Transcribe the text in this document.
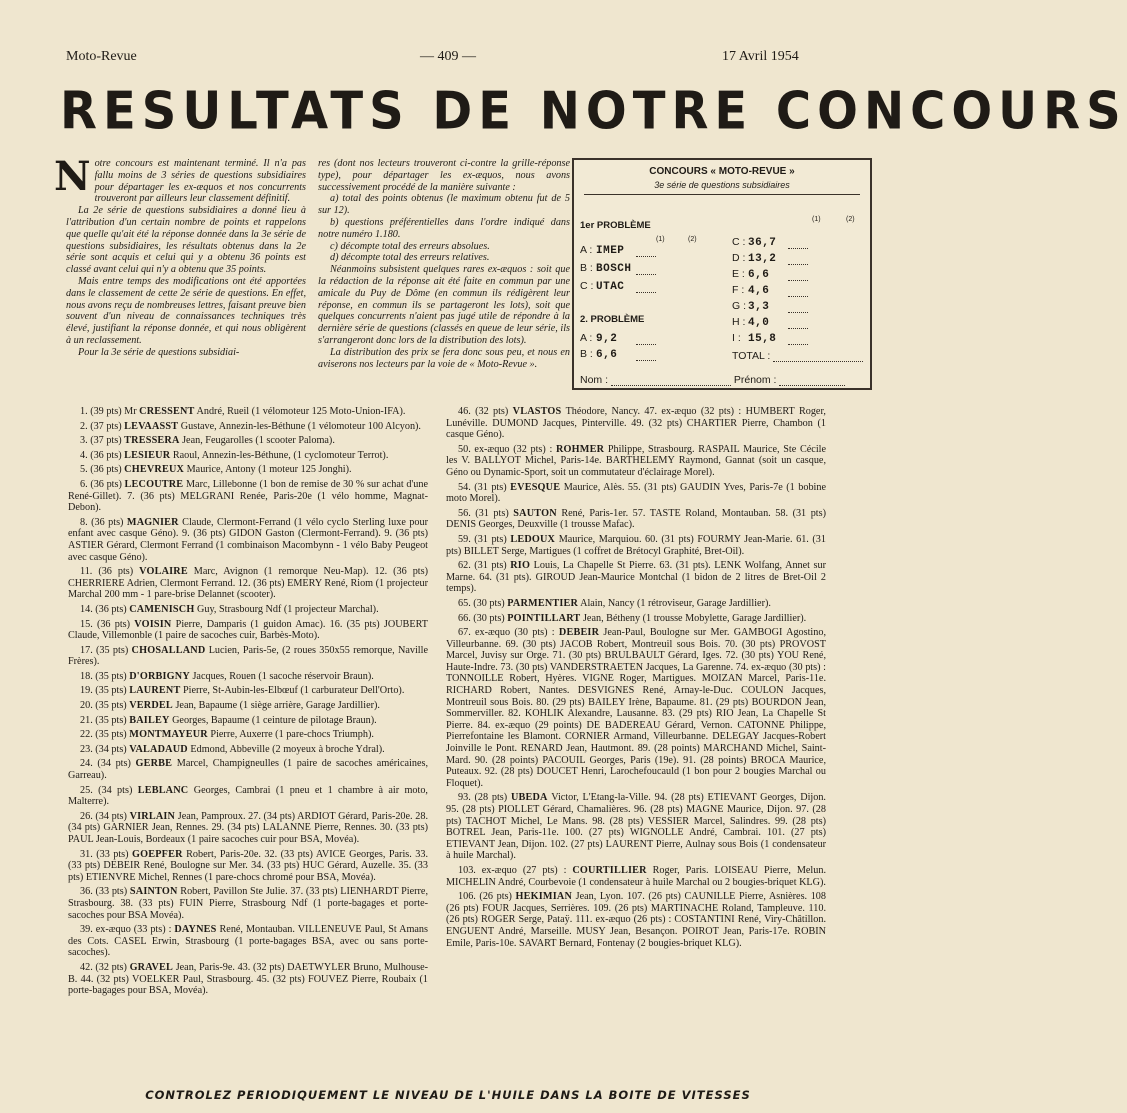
Moto-Revue	— 409 —	17 Avril 1954
RESULTATS DE NOTRE CONCOURS

Notre concours est maintenant terminé. Il n'a pas fallu moins de 3 séries de questions subsidiaires pour départager les ex-æquos et nos concurrents trouveront par ailleurs leur classement définitif.

La 2e série de questions subsidiaires a donné lieu à l'attribution d'un certain nombre de points et rappelons que quelle qu'ait été la réponse donnée dans la 3e série de questions subsidiaires, les résultats obtenus dans la 2e série sont acquis et celui qui y a obtenu 36 points est classé avant celui qui n'y a obtenu que 35 points.

Mais entre temps des modifications ont été apportées dans le classement de cette 2e série de questions. En effet, nous avons reçu de nombreuses lettres, faisant preuve bien souvent d'un niveau de connaissances techniques très élevé, justifiant la réponse donnée, et qui nous obligèrent à un reclassement.

Pour la 3e série de questions subsidiai-

res (dont nos lecteurs trouveront ci-contre la grille-réponse type), pour départager les ex-æquos, nous avons successivement procédé de la manière suivante :

a) total des points obtenus (le maximum obtenu fut de 5 sur 12).

b) questions préférentielles dans l'ordre indiqué dans notre numéro 1.180.

c) décompte total des erreurs absolues.

d) décompte total des erreurs relatives.

Néanmoins subsistent quelques rares ex-æquos : soit que la rédaction de la réponse ait été faite en commun par une amicale du Puy de Dôme (en commun ils rédigèrent leur réponse, en commun ils se partageront les lots), soit que quelques concurrents n'aient pas jugé utile de répondre à la dernière série de questions (classés en queue de leur série, ils s'arrangeront donc lors de la distribution des lots).

La distribution des prix se fera donc sous peu, et nous en aviserons nos lecteurs par la voie de « Moto-Revue ».

CONCOURS « MOTO-REVUE »
3e série de questions subsidiaires
1er PROBLÈME
(1)	(2)
(1)	(2)
A : IMEP
B : BOSCH
C : UTAC
2. PROBLÈME
A : 9,2
B : 6,6
C : 36,7
D : 13,2
E : 6,6
F : 4,6
G : 3,3
H : 4,0
I : 15,8
TOTAL :
Nom :	Prénom :

1. (39 pts) Mr CRESSENT André, Rueil (1 vélomoteur 125 Moto-Union-IFA).

2. (37 pts) LEVAASST Gustave, Annezin-les-Béthune (1 vélomoteur 100 Alcyon).

3. (37 pts) TRESSERA Jean, Feugarolles (1 scooter Paloma).

4. (36 pts) LESIEUR Raoul, Annezin-les-Béthune, (1 cyclomoteur Terrot).

5. (36 pts) CHEVREUX Maurice, Antony (1 moteur 125 Jonghi).

6. (36 pts) LECOUTRE Marc, Lillebonne (1 bon de remise de 30 % sur achat d'une René-Gillet). 7. (36 pts) MELGRANI Renée, Paris-20e (1 vélo homme, Magnat-Debon).

8. (36 pts) MAGNIER Claude, Clermont-Ferrand (1 vélo cyclo Sterling luxe pour enfant avec casque Géno). 9. (36 pts) GIDON Gaston (Clermont-Ferrand). 9. (36 pts) ASTIER Gérard, Clermont Ferrand (1 combinaison Macombynn - 1 vélo Baby Peugeot avec casque Géno).

11. (36 pts) VOLAIRE Marc, Avignon (1 remorque Neu-Map). 12. (36 pts) CHERRIERE Adrien, Clermont Ferrand. 12. (36 pts) EMERY René, Riom (1 projecteur Marchal 200 mm - 1 pare-brise Delannet (scooter).

14. (36 pts) CAMENISCH Guy, Strasbourg Ndf (1 projecteur Marchal).

15. (36 pts) VOISIN Pierre, Damparis (1 guidon Amac). 16. (35 pts) JOUBERT Claude, Villemonble (1 paire de sacoches cuir, Barbès-Moto).

17. (35 pts) CHOSALLAND Lucien, Paris-5e, (2 roues 350x55 remorque, Naville Frères).

18. (35 pts) D'ORBIGNY Jacques, Rouen (1 sacoche réservoir Braun).

19. (35 pts) LAURENT Pierre, St-Aubin-les-Elbœuf (1 carburateur Dell'Orto).

20. (35 pts) VERDEL Jean, Bapaume (1 siège arrière, Garage Jardillier).

21. (35 pts) BAILEY Georges, Bapaume (1 ceinture de pilotage Braun).

22. (35 pts) MONTMAYEUR Pierre, Auxerre (1 pare-chocs Triumph).

23. (34 pts) VALADAUD Edmond, Abbeville (2 moyeux à broche Ydral).

24. (34 pts) GERBE Marcel, Champigneulles (1 paire de sacoches américaines, Garreau).

25. (34 pts) LEBLANC Georges, Cambrai (1 pneu et 1 chambre à air moto, Malterre).

26. (34 pts) VIRLAIN Jean, Pamproux. 27. (34 pts) ARDIOT Gérard, Paris-20e. 28. (34 pts) GARNIER Jean, Rennes. 29. (34 pts) LALANNE Pierre, Rennes. 30. (33 pts) PAUL Jean-Louis, Bordeaux (1 paire sacoches cuir pour BSA, Movéa).

31. (33 pts) GOEPFER Robert, Paris-20e. 32. (33 pts) AVICE Georges, Paris. 33. (33 pts) DEBEIR René, Boulogne sur Mer. 34. (33 pts) HUC Gérard, Auzelle. 35. (33 pts) ETIENVRE Michel, Rennes (1 pare-chocs chromé pour BSA, Movéa).

36. (33 pts) SAINTON Robert, Pavillon Ste Julie. 37. (33 pts) LIENHARDT Pierre, Strasbourg. 38. (33 pts) FUIN Pierre, Strasbourg Ndf (1 porte-bagages et porte-sacoches pour BSA Movéa).

39. ex-æquo (33 pts) : DAYNES René, Montauban. VILLENEUVE Paul, St Amans des Cots. CASEL Erwin, Strasbourg (1 porte-bagages BSA, avec ou sans porte-sacoches).

42. (32 pts) GRAVEL Jean, Paris-9e. 43. (32 pts) DAETWYLER Bruno, Mulhouse-B. 44. (32 pts) VOELKER Paul, Strasbourg. 45. (32 pts) FOUVEZ Pierre, Roubaix (1 porte-bagages pour BSA, Movéa).

46. (32 pts) VLASTOS Théodore, Nancy. 47. ex-æquo (32 pts) : HUMBERT Roger, Lunéville. DUMOND Jacques, Pinterville. 49. (32 pts) CHARTIER Pierre, Chambon (1 casque Géno).

50. ex-æquo (32 pts) : ROHMER Philippe, Strasbourg. RASPAIL Maurice, Ste Cécile les V. BALLYOT Michel, Paris-14e. BARTHELEMY Raymond, Gannat (soit un casque, Géno ou Dynamic-Sport, soit un commutateur d'éclairage Morel).

54. (31 pts) EVESQUE Maurice, Alès. 55. (31 pts) GAUDIN Yves, Paris-7e (1 bobine moto Morel).

56. (31 pts) SAUTON René, Paris-1er. 57. TASTE Roland, Montauban. 58. (31 pts) DENIS Georges, Deuxville (1 trousse Mafac).

59. (31 pts) LEDOUX Maurice, Marquiou. 60. (31 pts) FOURMY Jean-Marie. 61. (31 pts) BILLET Serge, Martigues (1 coffret de Brétocyl Graphité, Bret-Oil).

62. (31 pts) RIO Louis, La Chapelle St Pierre. 63. (31 pts). LENK Wolfang, Annet sur Marne. 64. (31 pts). GIROUD Jean-Maurice Montchal (1 bidon de 2 litres de Bret-Oil 2 temps).

65. (30 pts) PARMENTIER Alain, Nancy (1 rétroviseur, Garage Jardillier).

66. (30 pts) POINTILLART Jean, Bétheny (1 trousse Mobylette, Garage Jardillier).

67. ex-æquo (30 pts) : DEBEIR Jean-Paul, Boulogne sur Mer. GAMBOGI Agostino, Villeurbanne. 69. (30 pts) JACOB Robert, Montreuil sous Bois. 70. (30 pts) PROVOST Marcel, Juvisy sur Orge. 71. (30 pts) BRULBAULT Gérard, Iges. 72. (30 pts) YOU René, Haute-Indre. 73. (30 pts) VANDERSTRAETEN Jacques, La Garenne. 74. ex-æquo (30 pts) : TONNOILLE Robert, Hyères. VIGNE Roger, Martigues. MOIZAN Marcel, Paris-11e. RICHARD Robert, Nantes. DESVIGNES René, Arnay-le-Duc. COULON Jacques, Montreuil sous Bois. 80. (29 pts) BAILEY Irène, Bapaume. 81. (29 pts) BOURDON Jean, Sommerviller. 82. KOHLIK Alexandre, Lausanne. 83. (29 pts) RIO Jean, La Chapelle St Pierre. 84. ex-æquo (29 points) DE BADEREAU Gérard, Vernon. CATONNE Philippe, Pierrefontaine les Blamont. CORNIER Armand, Villeurbanne. DELEGAY Jacques-Robert Joinville le Pont. RENARD Jean, Hautmont. 89. (28 points) MARCHAND Michel, Saint-Mard. 90. (28 points) PACOUIL Georges, Paris (19e). 91. (28 points) BROCA Maurice, Puteaux. 92. (28 pts) DOUCET Henri, Larochefoucauld (1 bon pour 2 bougies Marchal ou Floquet).

93. (28 pts) UBEDA Victor, L'Etang-la-Ville. 94. (28 pts) ETIEVANT Georges, Dijon. 95. (28 pts) PIOLLET Gérard, Chamalières. 96. (28 pts) MAGNE Maurice, Dijon. 97. (28 pts) TACHOT Michel, Le Mans. 98. (28 pts) VESSIER Marcel, Salindres. 99. (28 pts) BOTREL Jean, Paris-11e. 100. (27 pts) WIGNOLLE André, Cambrai. 101. (27 pts) ETIEVANT Jean, Dijon. 102. (27 pts) LAURENT Pierre, Aulnay sous Bois (1 condensateur à huile Marchal).

103. ex-æquo (27 pts) : COURTILLIER Roger, Paris. LOISEAU Pierre, Melun. MICHELIN André, Courbevoie (1 condensateur à huile Marchal ou 2 bougies-briquet KLG).

106. (26 pts) HEKIMIAN Jean, Lyon. 107. (26 pts) CAUNILLE Pierre, Asnières. 108 (26 pts) FOUR Jacques, Serrières. 109. (26 pts) MARTINACHE Roland, Tampleuve. 110. (26 pts) ROGER Serge, Pataÿ. 111. ex-æquo (26 pts) : COSTANTINI René, Viry-Châtillon. ENGUENT André, Marseille. MUSY Jean, Besançon. POIROT Jean, Paris-17e. ROBIN Emile, Paris-10e. SAVART Bernard, Fontenay (2 bougies-briquet KLG).

CONTROLEZ PERIODIQUEMENT LE NIVEAU DE L'HUILE DANS LA BOITE DE VITESSES
